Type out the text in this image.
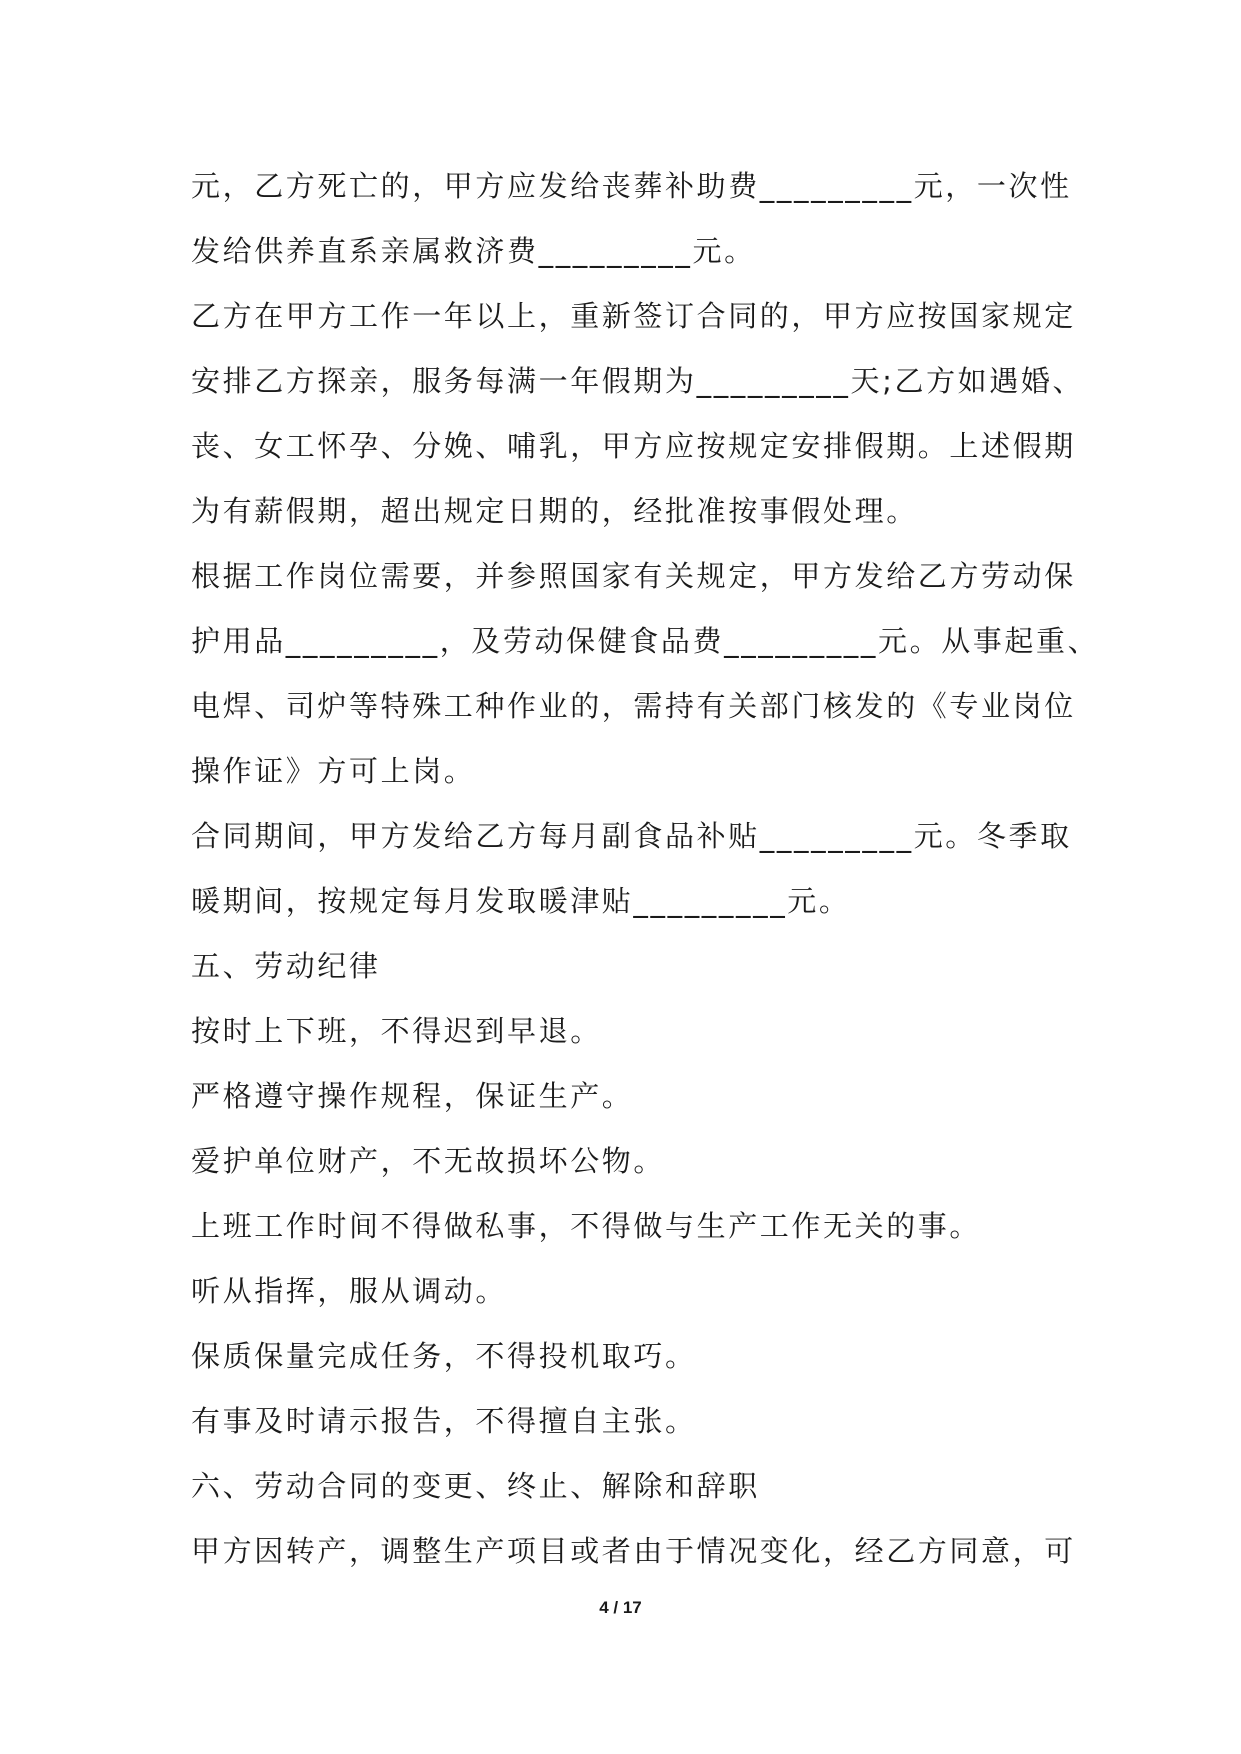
元，乙方死亡的，甲方应发给丧葬补助费_________元，一次性
发给供养直系亲属救济费_________元。
乙方在甲方工作一年以上，重新签订合同的，甲方应按国家规定
安排乙方探亲，服务每满一年假期为_________天;乙方如遇婚、
丧、女工怀孕、分娩、哺乳，甲方应按规定安排假期。上述假期
为有薪假期，超出规定日期的，经批准按事假处理。
根据工作岗位需要，并参照国家有关规定，甲方发给乙方劳动保
护用品_________，及劳动保健食品费_________元。从事起重、
电焊、司炉等特殊工种作业的，需持有关部门核发的《专业岗位
操作证》方可上岗。
合同期间，甲方发给乙方每月副食品补贴_________元。冬季取
暖期间，按规定每月发取暖津贴_________元。
五、劳动纪律
按时上下班，不得迟到早退。
严格遵守操作规程，保证生产。
爱护单位财产，不无故损坏公物。
上班工作时间不得做私事，不得做与生产工作无关的事。
听从指挥，服从调动。
保质保量完成任务，不得投机取巧。
有事及时请示报告，不得擅自主张。
六、劳动合同的变更、终止、解除和辞职
甲方因转产，调整生产项目或者由于情况变化，经乙方同意，可
4 / 17
